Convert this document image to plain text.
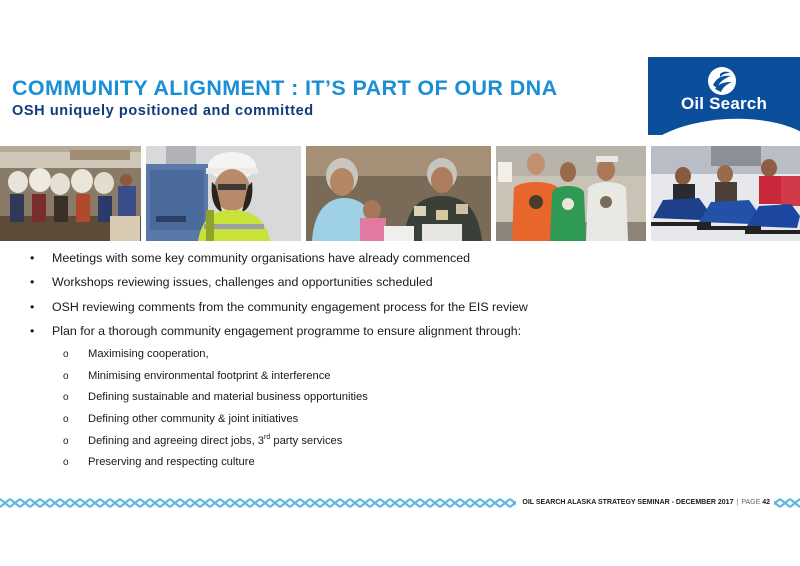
COMMUNITY ALIGNMENT : IT’S PART OF OUR DNA
OSH uniquely positioned and committed	Oil Search
• Meetings with some key community organisations have already commenced
• Workshops reviewing issues, challenges and opportunities scheduled
• OSH reviewing comments from the community engagement process for the EIS review
• Plan for a thorough community engagement programme to ensure alignment through:
o Maximising cooperation,
o Minimising environmental footprint & interference
o Defining sustainable and material business opportunities
o Defining other community & joint initiatives
o Defining and agreeing direct jobs, 3rd party services
o Preserving and respecting culture
OIL SEARCH ALASKA STRATEGY SEMINAR - DECEMBER 2017 | PAGE 42
